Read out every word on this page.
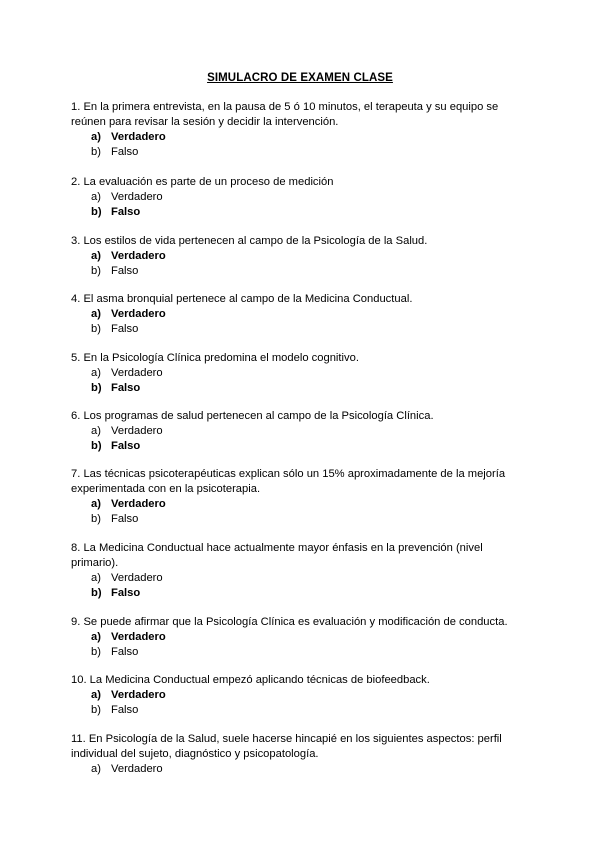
SIMULACRO DE EXAMEN CLASE

1. En la primera entrevista, en la pausa de 5 ó 10 minutos, el terapeuta y su equipo se reúnen para revisar la sesión y decidir la intervención.

a) Verdadero

b) Falso

2. La evaluación es parte de un proceso de medición

a) Verdadero

b) Falso

3. Los estilos de vida pertenecen al campo de la Psicología de la Salud.

a) Verdadero

b) Falso

4. El asma bronquial pertenece al campo de la Medicina Conductual.

a) Verdadero

b) Falso

5. En la Psicología Clínica predomina el modelo cognitivo.

a) Verdadero

b) Falso

6. Los programas de salud pertenecen al campo de la Psicología Clínica.

a) Verdadero

b) Falso

7. Las técnicas psicoterapéuticas explican sólo un 15% aproximadamente de la mejoría experimentada con en la psicoterapia.

a) Verdadero

b) Falso

8. La Medicina Conductual hace actualmente mayor énfasis en la prevención (nivel primario).

a) Verdadero

b) Falso

9. Se puede afirmar que la Psicología Clínica es evaluación y modificación de conducta.

a) Verdadero

b) Falso

10. La Medicina Conductual empezó aplicando técnicas de biofeedback.

a) Verdadero

b) Falso

11. En Psicología de la Salud, suele hacerse hincapié en los siguientes aspectos: perfil individual del sujeto, diagnóstico y psicopatología.

a) Verdadero
